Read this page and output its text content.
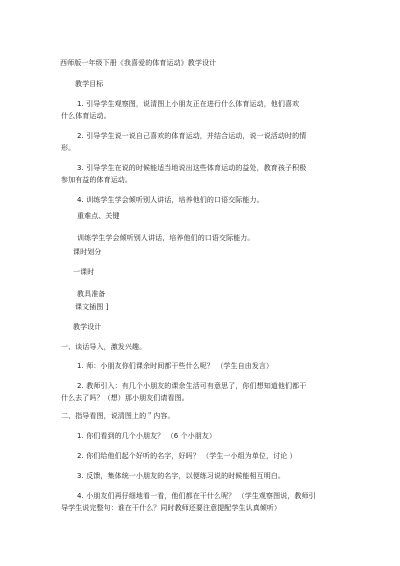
西师版一年级下册《我喜爱的体育运动》教学设计
教学目标
1. 引导学生观察图，说清图上小朋友正在进行什么体育运动，他们喜欢
什么体育运动。
2. 引导学生说一说自己喜欢的体育运动，并结合运动，说一说活动时的情
形。
3. 引导学生在说的时候能适当地说出这些体育运动的益处，教育孩子积极
参加有益的体育运动。
4. 训练学生学会倾听别人讲话，培养他们的口语交际能力。
重难点、关键
训练学生学会倾听别人讲话，培养他们的口语交际能力。
课时划分
一课时
教具准备
课文插图 ]
教学设计
一、谈话导入，激发兴趣。
1. 师：小朋友你们课余时间都干些什么呢？ （学生自由发言）
2. 教师引入：有几个小朋友的课余生活可有意思了，你们想知道他们都干
什么去了吗？（想）那小朋友们请看图。
二、指导看图，说清图上的＂内容。
1. 你们看到的几个小朋友？ （6 个小朋友）
2. 你们给他们起个好听的名字，好吗？ （学生一小组为单位，讨论 ）
3. 反馈，集体统一小朋友的名字，以便练习说的时候能相互明白。
4. 小朋友们再仔细地看一看，他们都在干什么呢？ （学生观察图说，教师引
导学生说完整句：谁在干什么？同时教师还要注意提配学生认真倾听）
